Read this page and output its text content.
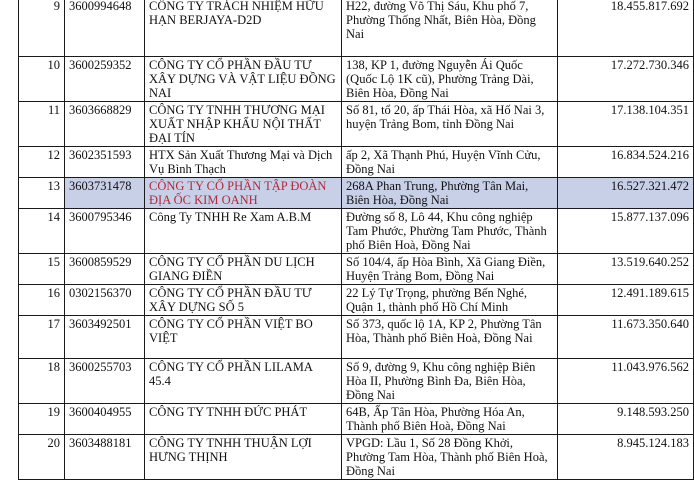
9	3600994648	CÔNG TY TRÁCH NHIỆM HỮU HẠN BERJAYA-D2D	H22, đường Võ Thị Sáu, Khu phố 7, Phường Thống Nhất, Biên Hòa, Đồng Nai	18.455.817.692
10	3600259352	CÔNG TY CỔ PHẦN ĐẦU TƯ XÂY DỰNG VÀ VẬT LIỆU ĐỒNG NAI	138, KP 1, đường Nguyễn Ái Quốc (Quốc Lộ 1K cũ), Phường Trảng Dài, Biên Hòa, Đồng Nai	17.272.730.346
11	3603668829	CÔNG TY TNHH THƯƠNG MẠI XUẤT NHẬP KHẨU NỘI THẤT ĐẠI TÍN	Số 81, tổ 20, ấp Thái Hòa, xã Hố Nai 3, huyện Trảng Bom, tỉnh Đồng Nai	17.138.104.351
12	3602351593	HTX Sản Xuất Thương Mại và Dịch Vụ Bình Thạch	ấp 2, Xã Thạnh Phú, Huyện Vĩnh Cửu, Đồng Nai	16.834.524.216
13	3603731478	CÔNG TY CỔ PHẦN TẬP ĐOÀN ĐỊA ỐC KIM OANH	268A Phan Trung, Phường Tân Mai, Biên Hòa, Đồng Nai	16.527.321.472
14	3600795346	Công Ty TNHH Re Xam A.B.M	Đường số 8, Lô 44, Khu công nghiệp Tam Phước, Phường Tam Phước, Thành phố Biên Hoà, Đồng Nai	15.877.137.096
15	3600859529	CÔNG TY CỔ PHẦN DU LỊCH GIANG ĐIỀN	Số 104/4, ấp Hòa Bình, Xã Giang Điền, Huyện Trảng Bom, Đồng Nai	13.519.640.252
16	0302156370	CÔNG TY CỔ PHẦN ĐẦU TƯ XÂY DỰNG SỐ 5	22 Lý Tự Trọng, phường Bến Nghé, Quận 1, thành phố Hồ Chí Minh	12.491.189.615
17	3603492501	CÔNG TY CỔ PHẦN VIỆT BO VIỆT	Số 373, quốc lộ 1A, KP 2, Phường Tân Hòa, Thành phố Biên Hoà, Đồng Nai	11.673.350.640
18	3600255703	CÔNG TY CỔ PHẦN LILAMA 45.4	Số 9, đường 9, Khu công nghiệp Biên Hòa II, Phường Bình Đa, Biên Hòa, Đồng Nai	11.043.976.562
19	3600404955	CÔNG TY TNHH ĐỨC PHÁT	64B, Ấp Tân Hòa, Phường Hóa An, Thành phố Biên Hoà, Đồng Nai	9.148.593.250
20	3603488181	CÔNG TY TNHH THUẬN LỢI HƯNG THỊNH	VPGD: Lầu 1, Số 28 Đồng Khởi, Phường Tam Hòa, Thành phố Biên Hoà, Đồng Nai	8.945.124.183
